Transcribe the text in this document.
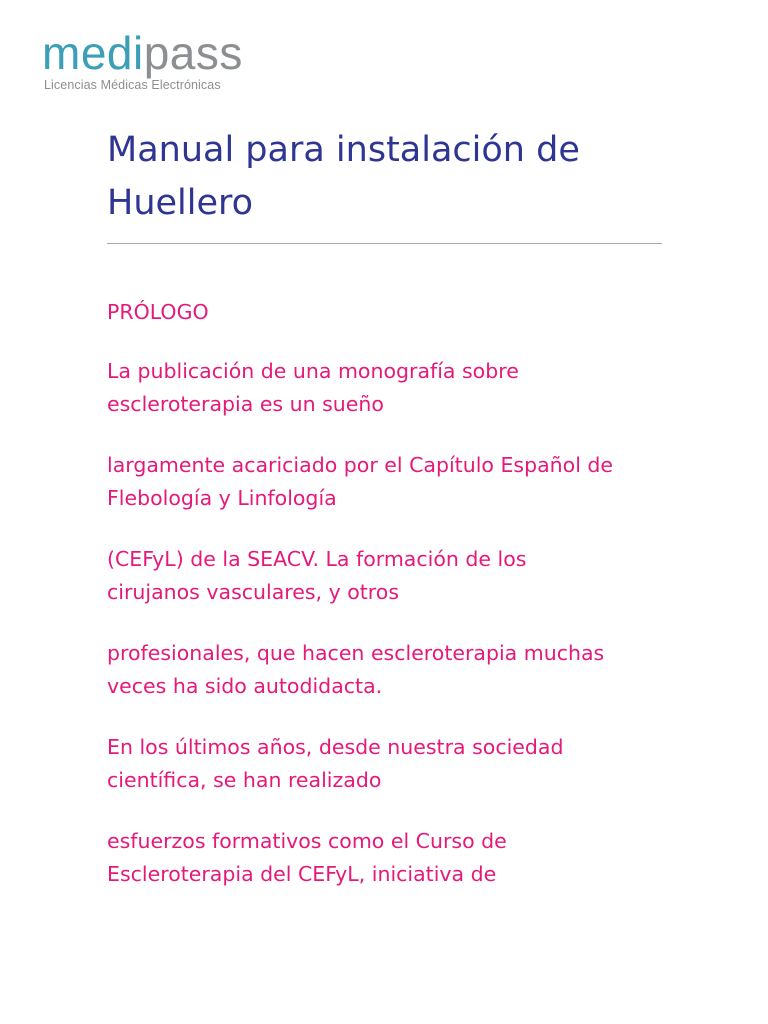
medipass
Licencias Médicas Electrónicas
Manual para instalación de
Huellero

PRÓLOGO

La publicación de una monografía sobre
escleroterapia es un sueño

largamente acariciado por el Capítulo Español de
Flebología y Linfología

(CEFyL) de la SEACV. La formación de los
cirujanos vasculares, y otros

profesionales, que hacen escleroterapia muchas
veces ha sido autodidacta.

En los últimos años, desde nuestra sociedad
científica, se han realizado

esfuerzos formativos como el Curso de
Escleroterapia del CEFyL, iniciativa de
